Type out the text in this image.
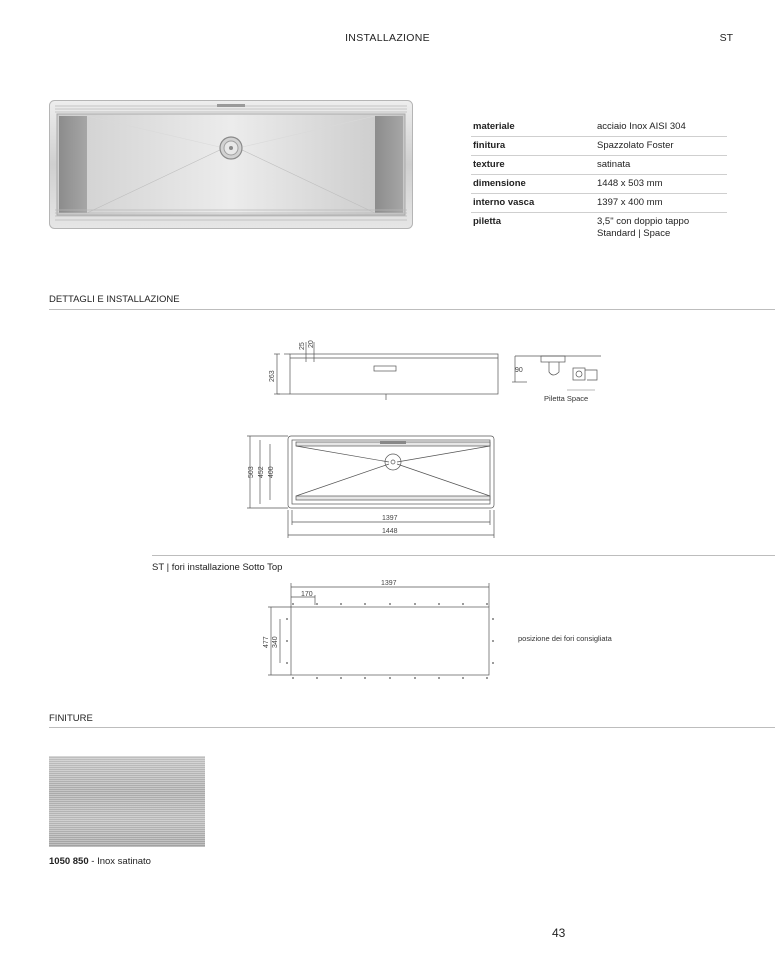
INSTALLAZIONE	ST
materiale	acciaio Inox AISI 304
finitura	Spazzolato Foster
texture	satinata
dimensione	1448 x 503 mm
interno vasca	1397 x 400 mm
piletta	3,5" con doppio tappo
Standard | Space
DETTAGLI E INSTALLAZIONE
263
25 20
90
Piletta Space
503 452 400
1397
1448
ST | fori installazione Sotto Top
1397
170
477 340	posizione dei fori consigliata
FINITURE
1050 850 - Inox satinato
43
